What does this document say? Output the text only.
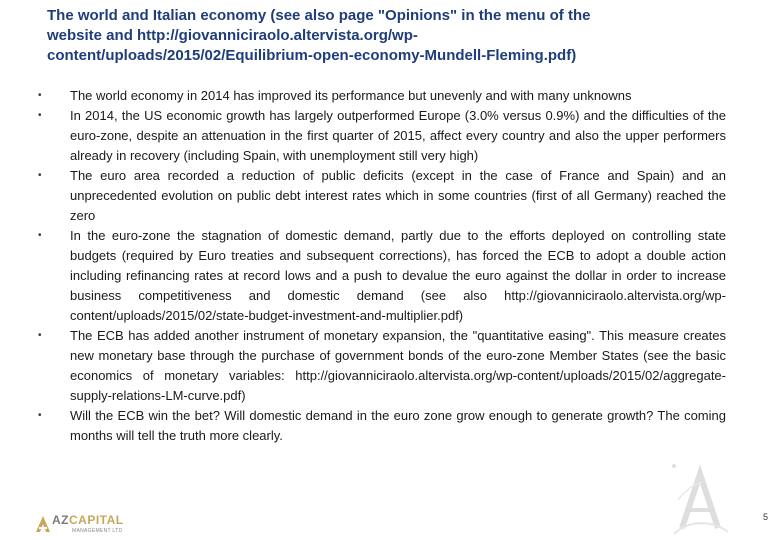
The world and Italian economy (see also page "Opinions" in the menu of the
website and http://giovanniciraolo.altervista.org/wp-
content/uploads/2015/02/Equilibrium-open-economy-Mundell-Fleming.pdf)
• The world economy in 2014 has improved its performance but unevenly and with many unknowns
• In 2014, the US economic growth has largely outperformed Europe (3.0% versus 0.9%) and the difficulties of the euro-zone, despite an attenuation in the first quarter of 2015, affect every country and also the upper performers already in recovery (including Spain, with unemployment still very high)
• The euro area recorded a reduction of public deficits (except in the case of France and Spain) and an unprecedented evolution on public debt interest rates which in some countries (first of all Germany) reached the zero
• In the euro-zone the stagnation of domestic demand, partly due to the efforts deployed on controlling state budgets (required by Euro treaties and subsequent corrections), has forced the ECB to adopt a double action including refinancing rates at record lows and a push to devalue the euro against the dollar in order to increase business competitiveness and domestic demand (see also http://giovanniciraolo.altervista.org/wp-content/uploads/2015/02/state-budget-investment-and-multiplier.pdf)
• The ECB has added another instrument of monetary expansion, the "quantitative easing". This measure creates new monetary base through the purchase of government bonds of the euro-zone Member States (see the basic economics of monetary variables: http://giovanniciraolo.altervista.org/wp-content/uploads/2015/02/aggregate-supply-relations-LM-curve.pdf)
• Will the ECB win the bet? Will domestic demand in the euro zone grow enough to generate growth? The coming months will tell the truth more clearly.
AZCAPITAL
MANAGEMENT LTD
5
